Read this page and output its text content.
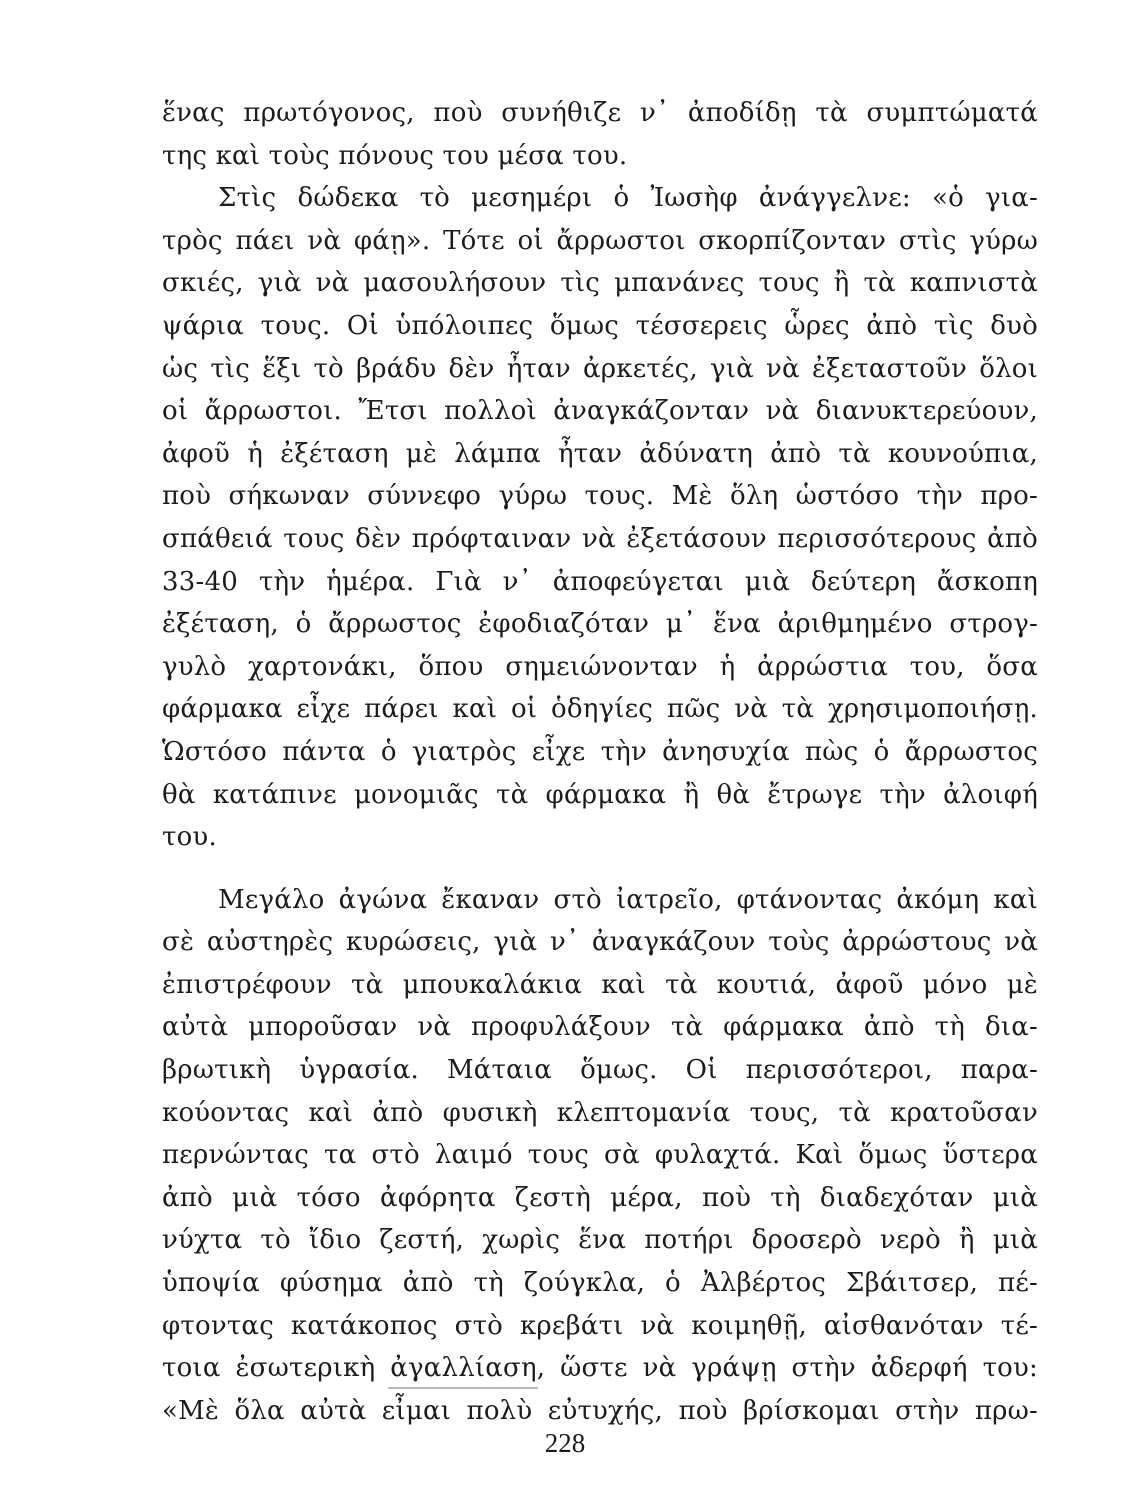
ἕνας πρωτόγονος, ποὺ συνήθιζε ν᾽ ἀποδίδῃ τὰ συμπτώματά
της καὶ τοὺς πόνους του μέσα του.
Στὶς δώδεκα τὸ μεσημέρι ὁ Ἰωσὴφ ἀνάγγελνε: «ὁ για-
τρὸς πάει νὰ φάῃ». Τότε οἱ ἄρρωστοι σκορπίζονταν στὶς γύρω
σκιές, γιὰ νὰ μασουλήσουν τὶς μπανάνες τους ἢ τὰ καπνιστὰ
ψάρια τους. Οἱ ὑπόλοιπες ὅμως τέσσερεις ὧρες ἀπὸ τὶς δυὸ
ὡς τὶς ἕξι τὸ βράδυ δὲν ἦταν ἀρκετές, γιὰ νὰ ἐξεταστοῦν ὅλοι
οἱ ἄρρωστοι. Ἔτσι πολλοὶ ἀναγκάζονταν νὰ διανυκτερεύουν,
ἀφοῦ ἡ ἐξέταση μὲ λάμπα ἦταν ἀδύνατη ἀπὸ τὰ κουνούπια,
ποὺ σήκωναν σύννεφο γύρω τους. Μὲ ὅλη ὡστόσο τὴν προ-
σπάθειά τους δὲν πρόφταιναν νὰ ἐξετάσουν περισσότερους ἀπὸ
33-40 τὴν ἡμέρα. Γιὰ ν᾽ ἀποφεύγεται μιὰ δεύτερη ἄσκοπη
ἐξέταση, ὁ ἄρρωστος ἐφοδιαζόταν μ᾽ ἕνα ἀριθμημένο στρογ-
γυλὸ χαρτονάκι, ὅπου σημειώνονταν ἡ ἀρρώστια του, ὅσα
φάρμακα εἶχε πάρει καὶ οἱ ὁδηγίες πῶς νὰ τὰ χρησιμοποιήσῃ.
Ὡστόσο πάντα ὁ γιατρὸς εἶχε τὴν ἀνησυχία πὼς ὁ ἄρρωστος
θὰ κατάπινε μονομιᾶς τὰ φάρμακα ἢ θὰ ἔτρωγε τὴν ἀλοιφή
του.
Μεγάλο ἀγώνα ἔκαναν στὸ ἰατρεῖο, φτάνοντας ἀκόμη καὶ
σὲ αὐστηρὲς κυρώσεις, γιὰ ν᾽ ἀναγκάζουν τοὺς ἀρρώστους νὰ
ἐπιστρέφουν τὰ μπουκαλάκια καὶ τὰ κουτιά, ἀφοῦ μόνο μὲ
αὐτὰ μποροῦσαν νὰ προφυλάξουν τὰ φάρμακα ἀπὸ τὴ δια-
βρωτικὴ ὑγρασία. Μάταια ὅμως. Οἱ περισσότεροι, παρα-
κούοντας καὶ ἀπὸ φυσικὴ κλεπτομανία τους, τὰ κρατοῦσαν
περνώντας τα στὸ λαιμό τους σὰ φυλαχτά. Καὶ ὅμως ὕστερα
ἀπὸ μιὰ τόσο ἀφόρητα ζεστὴ μέρα, ποὺ τὴ διαδεχόταν μιὰ
νύχτα τὸ ἴδιο ζεστή, χωρὶς ἕνα ποτήρι δροσερὸ νερὸ ἢ μιὰ
ὑποψία φύσημα ἀπὸ τὴ ζούγκλα, ὁ Ἀλβέρτος Σβάιτσερ, πέ-
φτοντας κατάκοπος στὸ κρεβάτι νὰ κοιμηθῇ, αἰσθανόταν τέ-
τοια ἐσωτερικὴ ἀγαλλίαση, ὥστε νὰ γράψῃ στὴν ἀδερφή του:
«Μὲ ὅλα αὐτὰ εἶμαι πολὺ εὐτυχής, ποὺ βρίσκομαι στὴν πρω-
228
